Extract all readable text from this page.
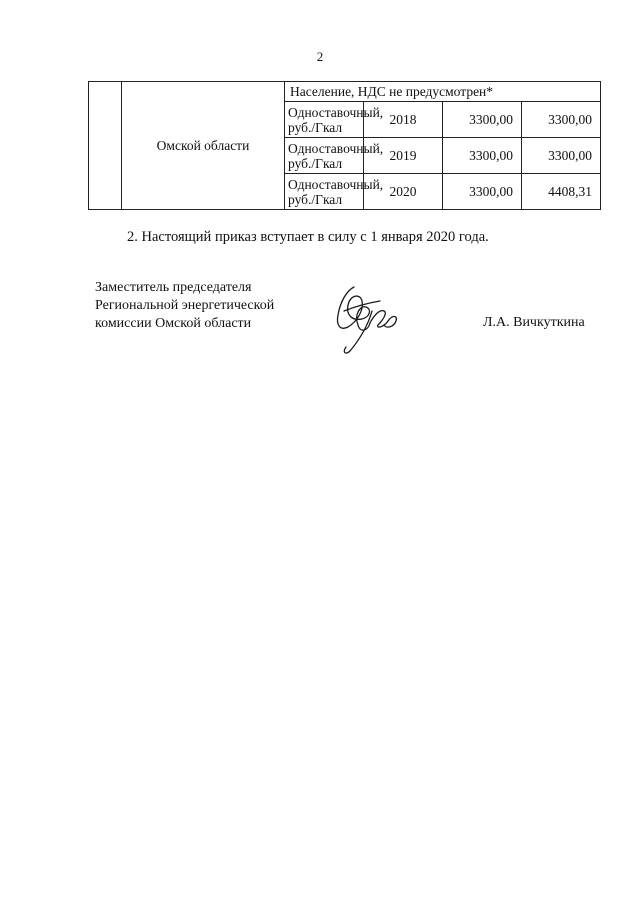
2
	Омской области	Население, НДС не предусмотрен*			
		Одноставочный,
руб./Гкал	2018	3300,00	3300,00
		Одноставочный,
руб./Гкал	2019	3300,00	3300,00
		Одноставочный,
руб./Гкал	2020	3300,00	4408,31
2. Настоящий приказ вступает в силу с 1 января 2020 года.
Заместитель председателя
Региональной энергетической
комиссии Омской области	Л.А. Вичкуткина
